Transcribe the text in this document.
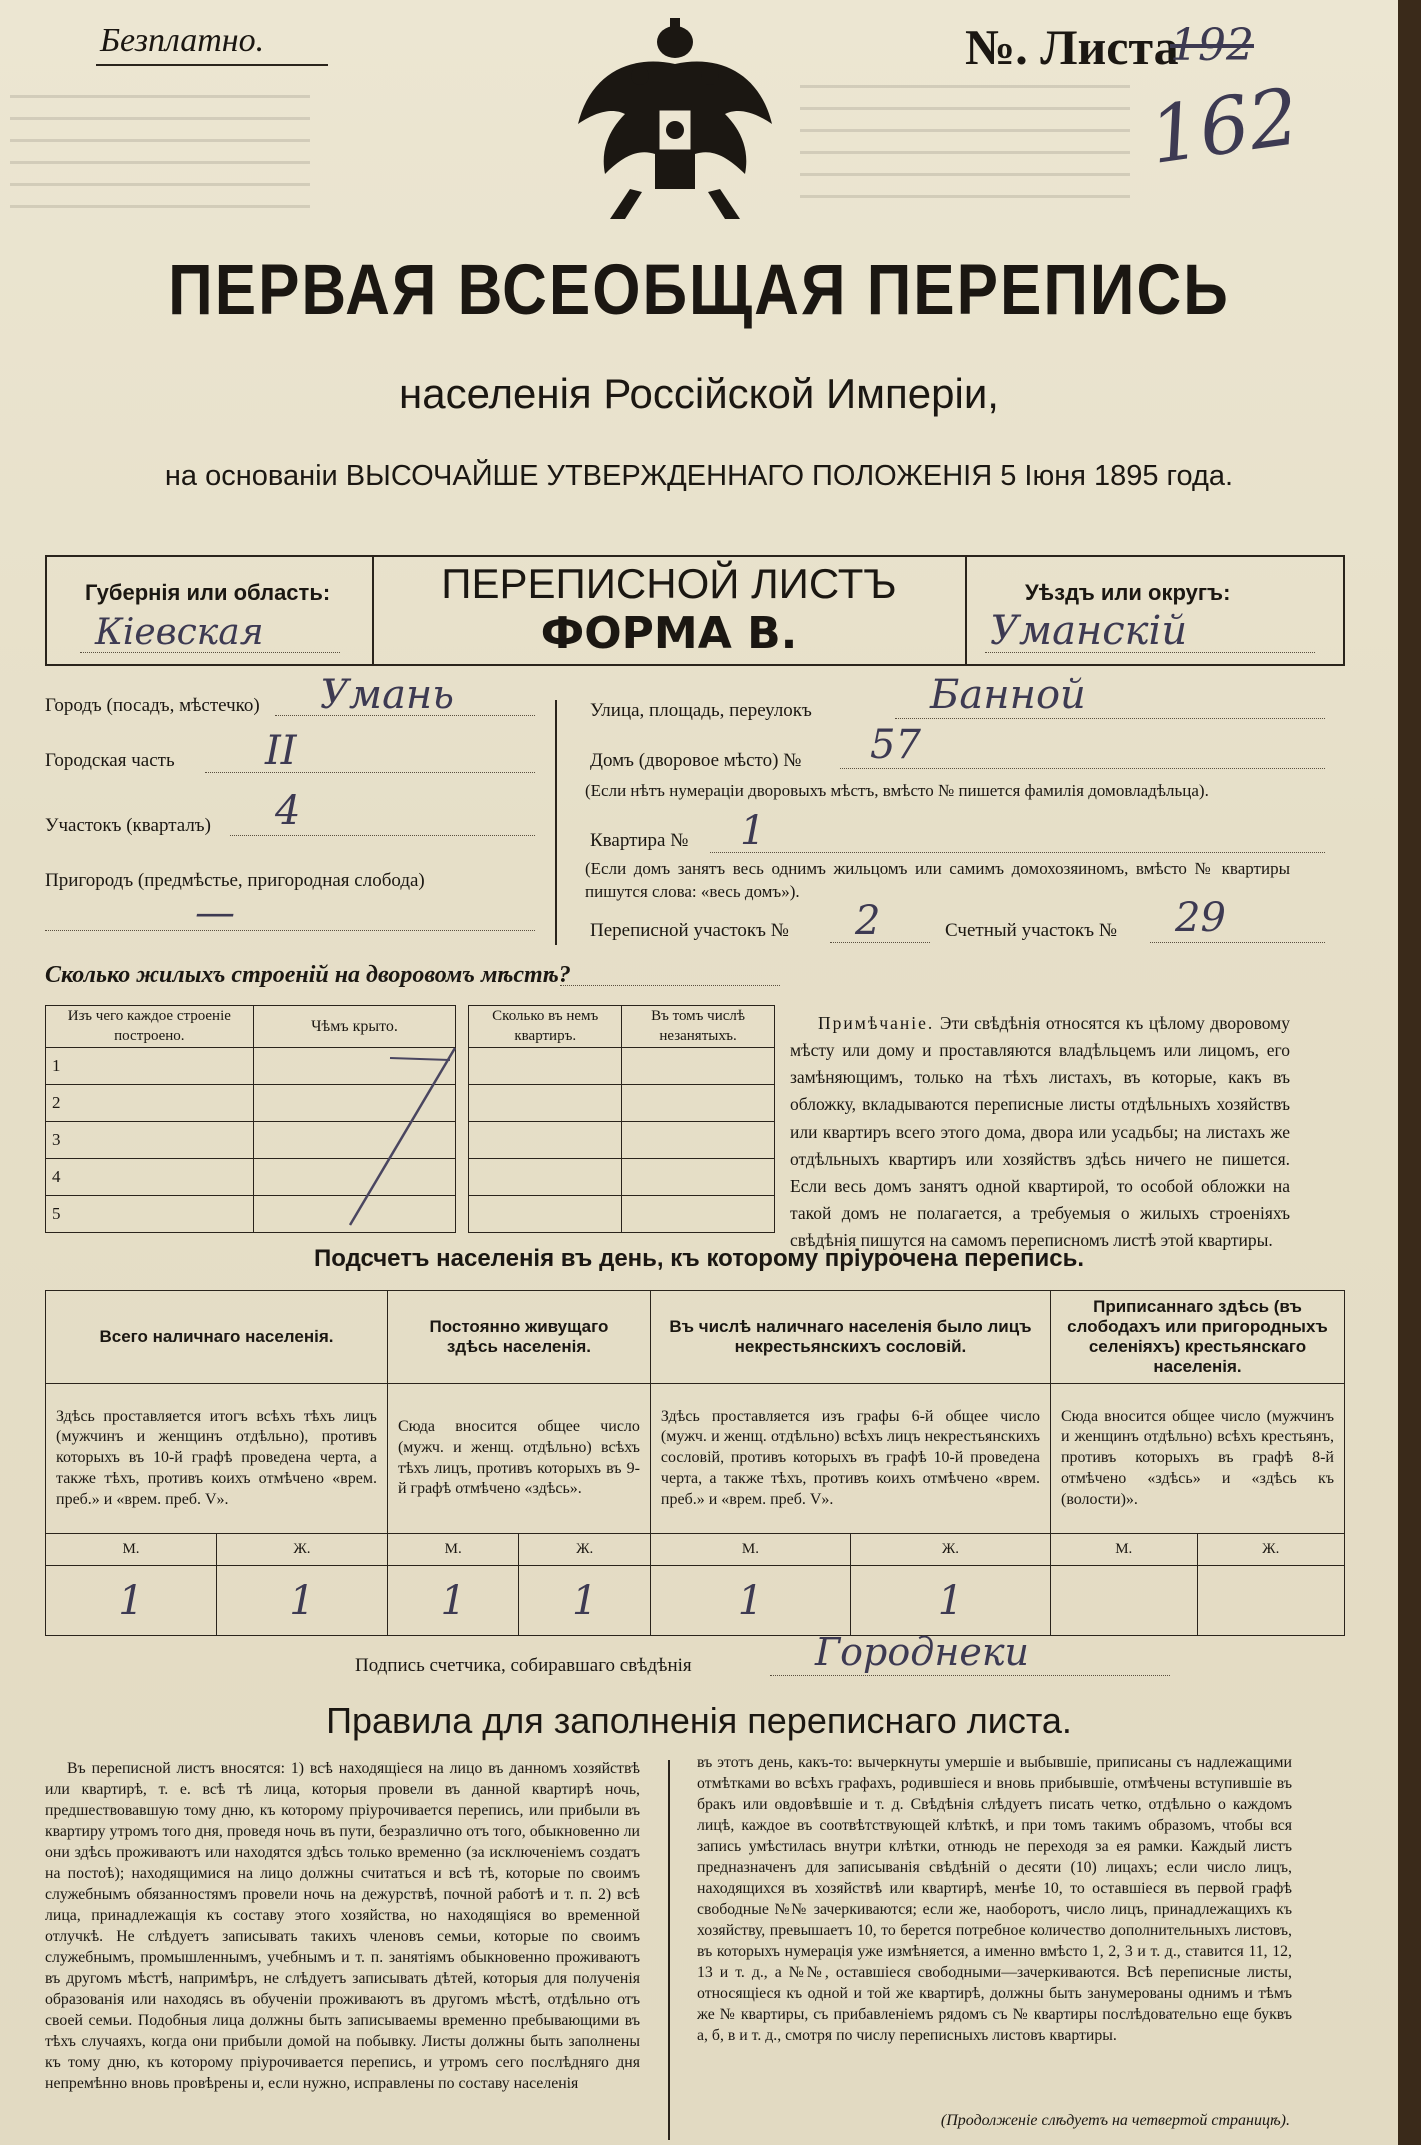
Безплатно.	№. Листа
192
162
ПЕРВАЯ ВСЕОБЩАЯ ПЕРЕПИСЬ
населенія Россійской Имперіи,
на основаніи ВЫСОЧАЙШЕ УТВЕРЖДЕННАГО ПОЛОЖЕНІЯ 5 Іюня 1895 года.
Губернія или область:
Кіевская
ПЕРЕПИСНОЙ ЛИСТЪ
ФОРМА В.
Уѣздъ или округъ:
Уманскій
Городъ (посадъ, мѣстечко) Умань
Городская часть II
Участокъ (кварталъ) 4
Пригородъ (предмѣстье, пригородная слобода)
—
Улица, площадь, переулокъ	Банной
Домъ (дворовое мѣсто) № 57
(Если нѣтъ нумераціи дворовыхъ мѣстъ, вмѣсто № пишется фамилія домовладѣльца).
Квартира № 1
(Если домъ занятъ весь однимъ жильцомъ или самимъ домохозяиномъ, вмѣсто № квартиры пишутся слова: «весь домъ»).
Переписной участокъ № 2	Счетный участокъ № 29
Сколько жилыхъ строеній на дворовомъ мѣстѣ?
Изъ чего каждое строеніе построено.	Чѣмъ крыто.		Сколько въ немъ квартиръ.	Въ томъ числѣ незанятыхъ.
1				
2				
3				
4				
5				
Примѣчаніе. Эти свѣдѣнія относятся къ цѣлому дворовому мѣсту или дому и проставляются владѣльцемъ или лицомъ, его замѣняющимъ, только на тѣхъ листахъ, въ которые, какъ въ обложку, вкладываются переписные листы отдѣльныхъ хозяйствъ или квартиръ всего этого дома, двора или усадьбы; на листахъ же отдѣльныхъ квартиръ или хозяйствъ здѣсь ничего не пишется. Если весь домъ занятъ одной квартирой, то особой обложки на такой домъ не полагается, а требуемыя о жилыхъ строеніяхъ свѣдѣнія пишутся на самомъ переписномъ листѣ этой квартиры.
Подсчетъ населенія въ день, къ которому пріурочена перепись.
Всего наличнаго населенія.		Постоянно живущаго здѣсь населенія.		Въ числѣ наличнаго населенія было лицъ некрестьянскихъ сословій.		Приписаннаго здѣсь (въ слободахъ или пригородныхъ селеніяхъ) крестьянскаго населенія.	
Здѣсь проставляется итогъ всѣхъ тѣхъ лицъ (мужчинъ и женщинъ отдѣльно), противъ которыхъ въ 10-й графѣ проведена черта, а также тѣхъ, противъ коихъ отмѣчено «врем. преб.» и «врем. преб. V».		Сюда вносится общее число (мужч. и женщ. отдѣльно) всѣхъ тѣхъ лицъ, противъ которыхъ въ 9-й графѣ отмѣчено «здѣсь».		Здѣсь проставляется изъ графы 6-й общее число (мужч. и женщ. отдѣльно) всѣхъ лицъ некрестьянскихъ сословій, противъ которыхъ въ графѣ 10-й проведена черта, а также тѣхъ, противъ коихъ отмѣчено «врем. преб.» и «врем. преб. V».		Сюда вносится общее число (мужчинъ и женщинъ отдѣльно) всѣхъ крестьянъ, противъ которыхъ въ графѣ 8-й отмѣчено «здѣсь» и «здѣсь къ (волости)».	
М.	Ж.	М.	Ж.	М.	Ж.	М.	Ж.
1	1	1	1	1	1		
Подпись счетчика, собиравшаго свѣдѣнія	Городнеки
Правила для заполненія переписнаго листа.
Въ переписной листъ вносятся: 1) всѣ находящіеся на лицо въ данномъ хозяйствѣ или квартирѣ, т. е. всѣ тѣ лица, которыя провели въ данной квартирѣ ночь, предшествовавшую тому дню, къ которому пріурочивается перепись, или прибыли въ квартиру утромъ того дня, проведя ночь въ пути, безразлично отъ того, обыкновенно ли они здѣсь проживаютъ или находятся здѣсь только временно (за исключеніемъ создатъ на постоѣ); находящимися на лицо должны считаться и всѣ тѣ, которые по своимъ служебнымъ обязанностямъ провели ночь на дежурствѣ, почной работѣ и т. п. 2) всѣ лица, принадлежащія къ составу этого хозяйства, но находящіяся во временной отлучкѣ. Не слѣдуетъ записывать такихъ членовъ семьи, которые по своимъ служебнымъ, промышленнымъ, учебнымъ и т. п. занятіямъ обыкновенно проживаютъ въ другомъ мѣстѣ, напримѣръ, не слѣдуетъ записывать дѣтей, которыя для полученія образованія или находясь въ обученіи проживаютъ въ другомъ мѣстѣ, отдѣльно отъ своей семьи. Подобныя лица должны быть записываемы временно пребывающими въ тѣхъ случаяхъ, когда они прибыли домой на побывку. Листы должны быть заполнены къ тому дню, къ которому пріурочивается перепись, и утромъ сего послѣдняго дня непремѣнно вновь провѣрены и, если нужно, исправлены по составу населенія
въ этотъ день, какъ-то: вычеркнуты умершіе и выбывшіе, приписаны съ надлежащими отмѣтками во всѣхъ графахъ, родившіеся и вновь прибывшіе, отмѣчены вступившіе въ бракъ или овдовѣвшіе и т. д. Свѣдѣнія слѣдуетъ писать четко, отдѣльно о каждомъ лицѣ, каждое въ соотвѣтствующей клѣткѣ, и при томъ такимъ образомъ, чтобы вся запись умѣстилась внутри клѣтки, отнюдь не переходя за ея рамки. Каждый листъ предназначенъ для записыванія свѣдѣній о десяти (10) лицахъ; если число лицъ, находящихся въ хозяйствѣ или квартирѣ, менѣе 10, то оставшіеся въ первой графѣ свободные №№ зачеркиваются; если же, наоборотъ, число лицъ, принадлежащихъ къ хозяйству, превышаетъ 10, то берется потребное количество дополнительныхъ листовъ, въ которыхъ нумерація уже измѣняется, а именно вмѣсто 1, 2, 3 и т. д., ставится 11, 12, 13 и т. д., а №№, оставшіеся свободными—зачеркиваются. Всѣ переписные листы, относящіеся къ одной и той же квартирѣ, должны быть занумерованы однимъ и тѣмъ же № квартиры, съ прибавленіемъ рядомъ съ № квартиры послѣдовательно еще буквъ а, б, в и т. д., смотря по числу переписныхъ листовъ квартиры.
(Продолженіе слѣдуетъ на четвертой страницѣ).
